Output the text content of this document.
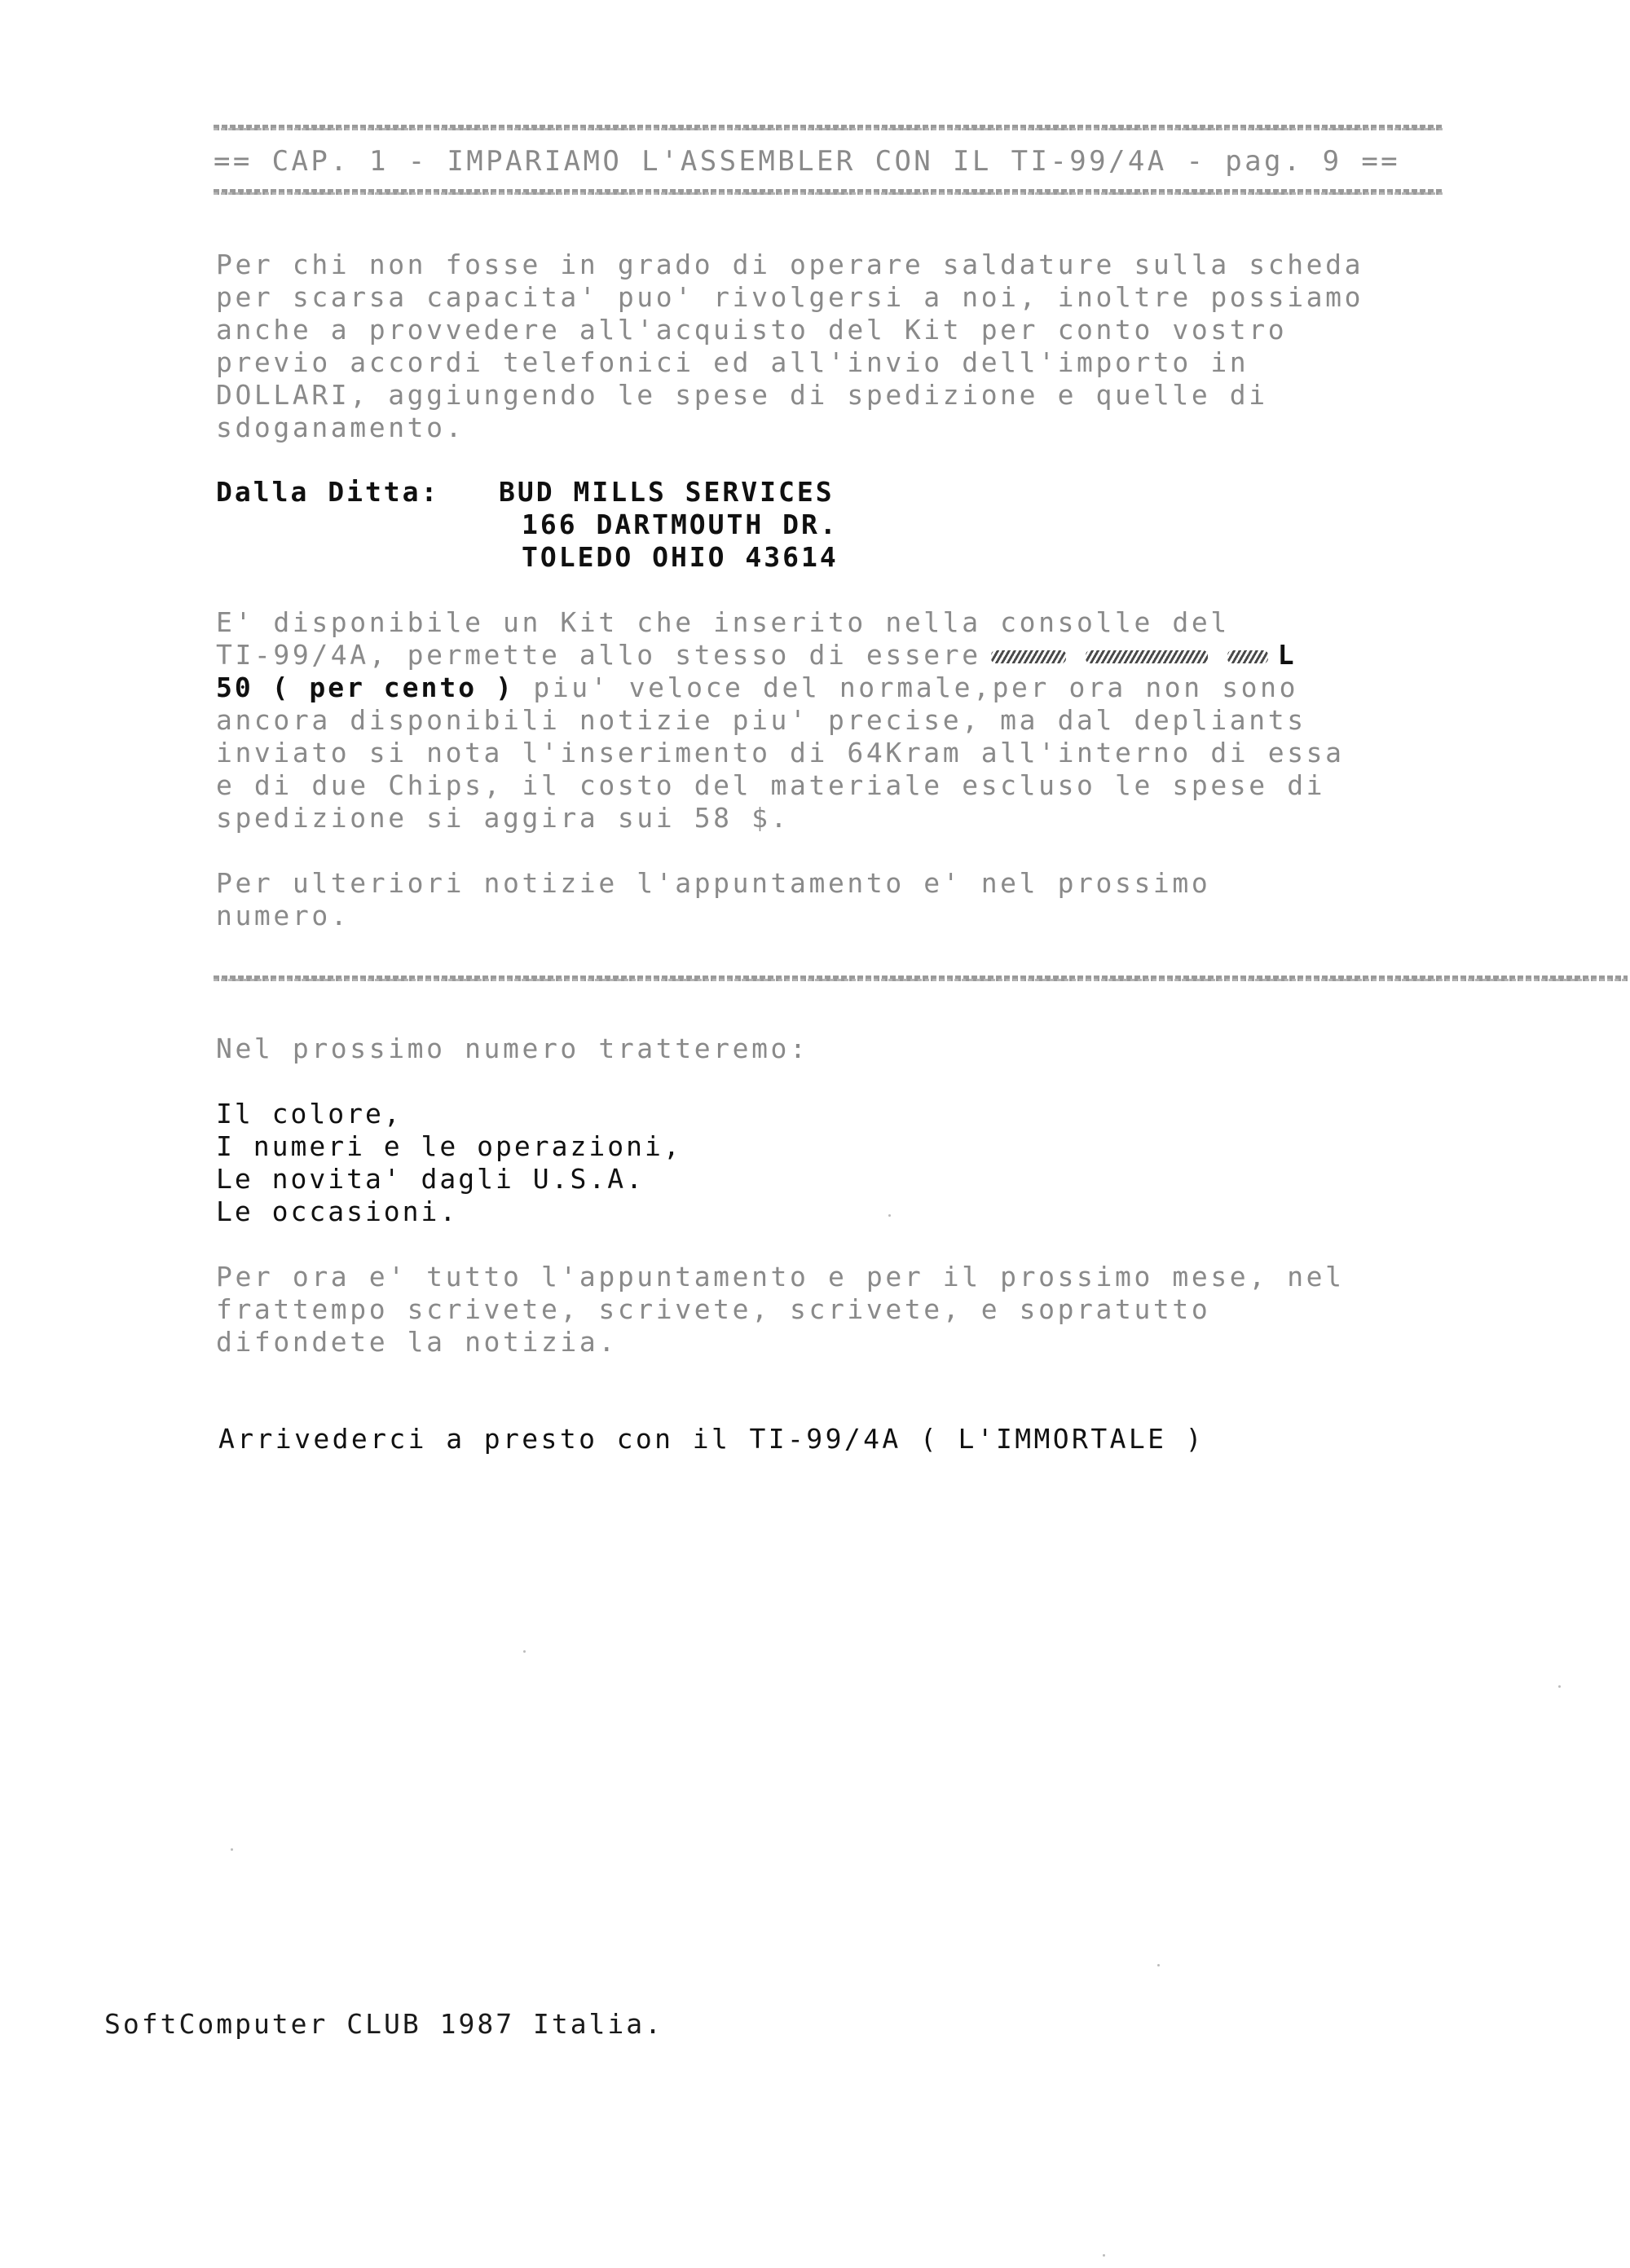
== CAP. 1 - IMPARIAMO L'ASSEMBLER CON IL TI-99/4A - pag. 9 ==
Per chi non fosse in grado di operare saldature sulla scheda
per scarsa capacita' puo' rivolgersi a noi, inoltre possiamo
anche a provvedere all'acquisto del Kit per conto vostro
previo accordi telefonici ed all'invio dell'importo in
DOLLARI, aggiungendo le spese di spedizione e quelle di
sdoganamento.
Dalla Ditta: BUD MILLS SERVICES
166 DARTMOUTH DR.
TOLEDO OHIO 43614
E' disponibile un Kit che inserito nella consolle del
TI-99/4A, permette allo stesso di essere	L
50 ( per cento ) piu' veloce del normale,per ora non sono
ancora disponibili notizie piu' precise, ma dal depliants
inviato si nota l'inserimento di 64Kram all'interno di essa
e di due Chips, il costo del materiale escluso le spese di
spedizione si aggira sui 58 $.
Per ulteriori notizie l'appuntamento e' nel prossimo
numero.
Nel prossimo numero tratteremo:
Il colore,
I numeri e le operazioni,
Le novita' dagli U.S.A.
Le occasioni.
Per ora e' tutto l'appuntamento e per il prossimo mese, nel
frattempo scrivete, scrivete, scrivete, e sopratutto
difondete la notizia.
Arrivederci a presto con il TI-99/4A ( L'IMMORTALE )
SoftComputer CLUB 1987 Italia.
